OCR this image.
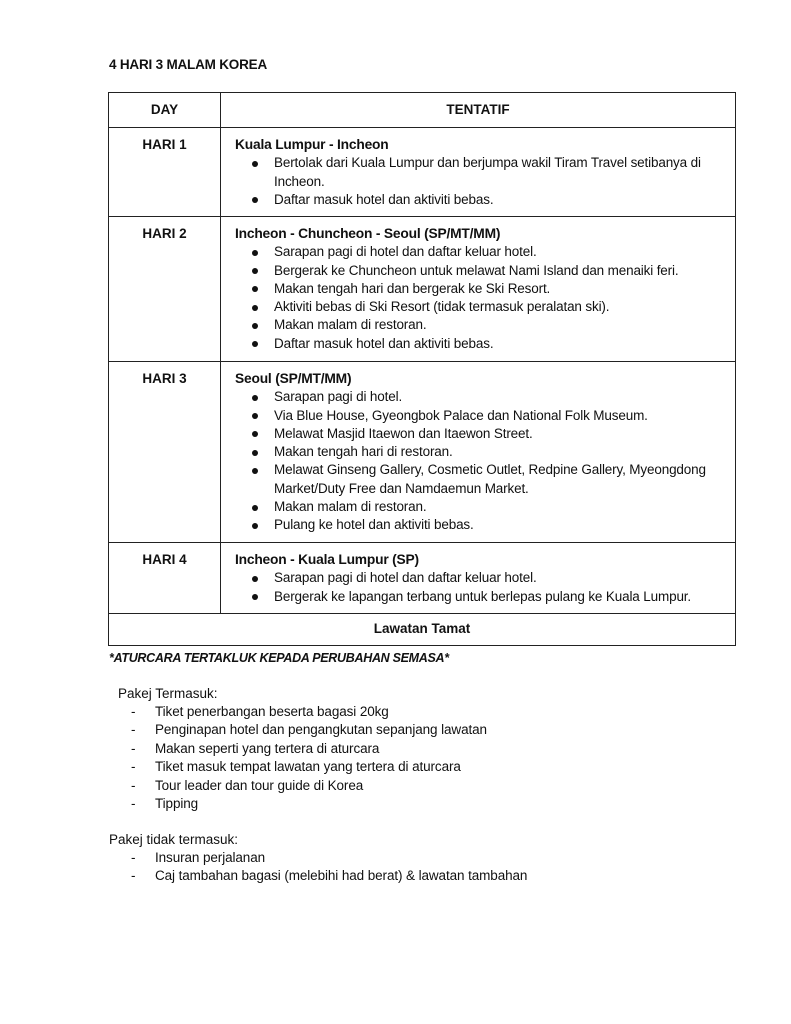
4 HARI 3 MALAM KOREA
DAY	TENTATIF
HARI 1	Kuala Lumpur - Incheon
Bertolak dari Kuala Lumpur dan berjumpa wakil Tiram Travel setibanya di Incheon.
Daftar masuk hotel dan aktiviti bebas.

HARI 2	Incheon - Chuncheon - Seoul (SP/MT/MM)
Sarapan pagi di hotel dan daftar keluar hotel.
Bergerak ke Chuncheon untuk melawat Nami Island dan menaiki feri.
Makan tengah hari dan bergerak ke Ski Resort.
Aktiviti bebas di Ski Resort (tidak termasuk peralatan ski).
Makan malam di restoran.
Daftar masuk hotel dan aktiviti bebas.

HARI 3	Seoul (SP/MT/MM)
Sarapan pagi di hotel.
Via Blue House, Gyeongbok Palace dan National Folk Museum.
Melawat Masjid Itaewon dan Itaewon Street.
Makan tengah hari di restoran.
Melawat Ginseng Gallery, Cosmetic Outlet, Redpine Gallery, Myeongdong Market/Duty Free dan Namdaemun Market.
Makan malam di restoran.
Pulang ke hotel dan aktiviti bebas.

HARI 4	Incheon - Kuala Lumpur (SP)
Sarapan pagi di hotel dan daftar keluar hotel.
Bergerak ke lapangan terbang untuk berlepas pulang ke Kuala Lumpur.

Lawatan Tamat	
*ATURCARA TERTAKLUK KEPADA PERUBAHAN SEMASA*
Pakej Termasuk:
- Tiket penerbangan beserta bagasi 20kg
- Penginapan hotel dan pengangkutan sepanjang lawatan
- Makan seperti yang tertera di aturcara
- Tiket masuk tempat lawatan yang tertera di aturcara
- Tour leader dan tour guide di Korea
- Tipping
Pakej tidak termasuk:
- Insuran perjalanan
- Caj tambahan bagasi (melebihi had berat) & lawatan tambahan
